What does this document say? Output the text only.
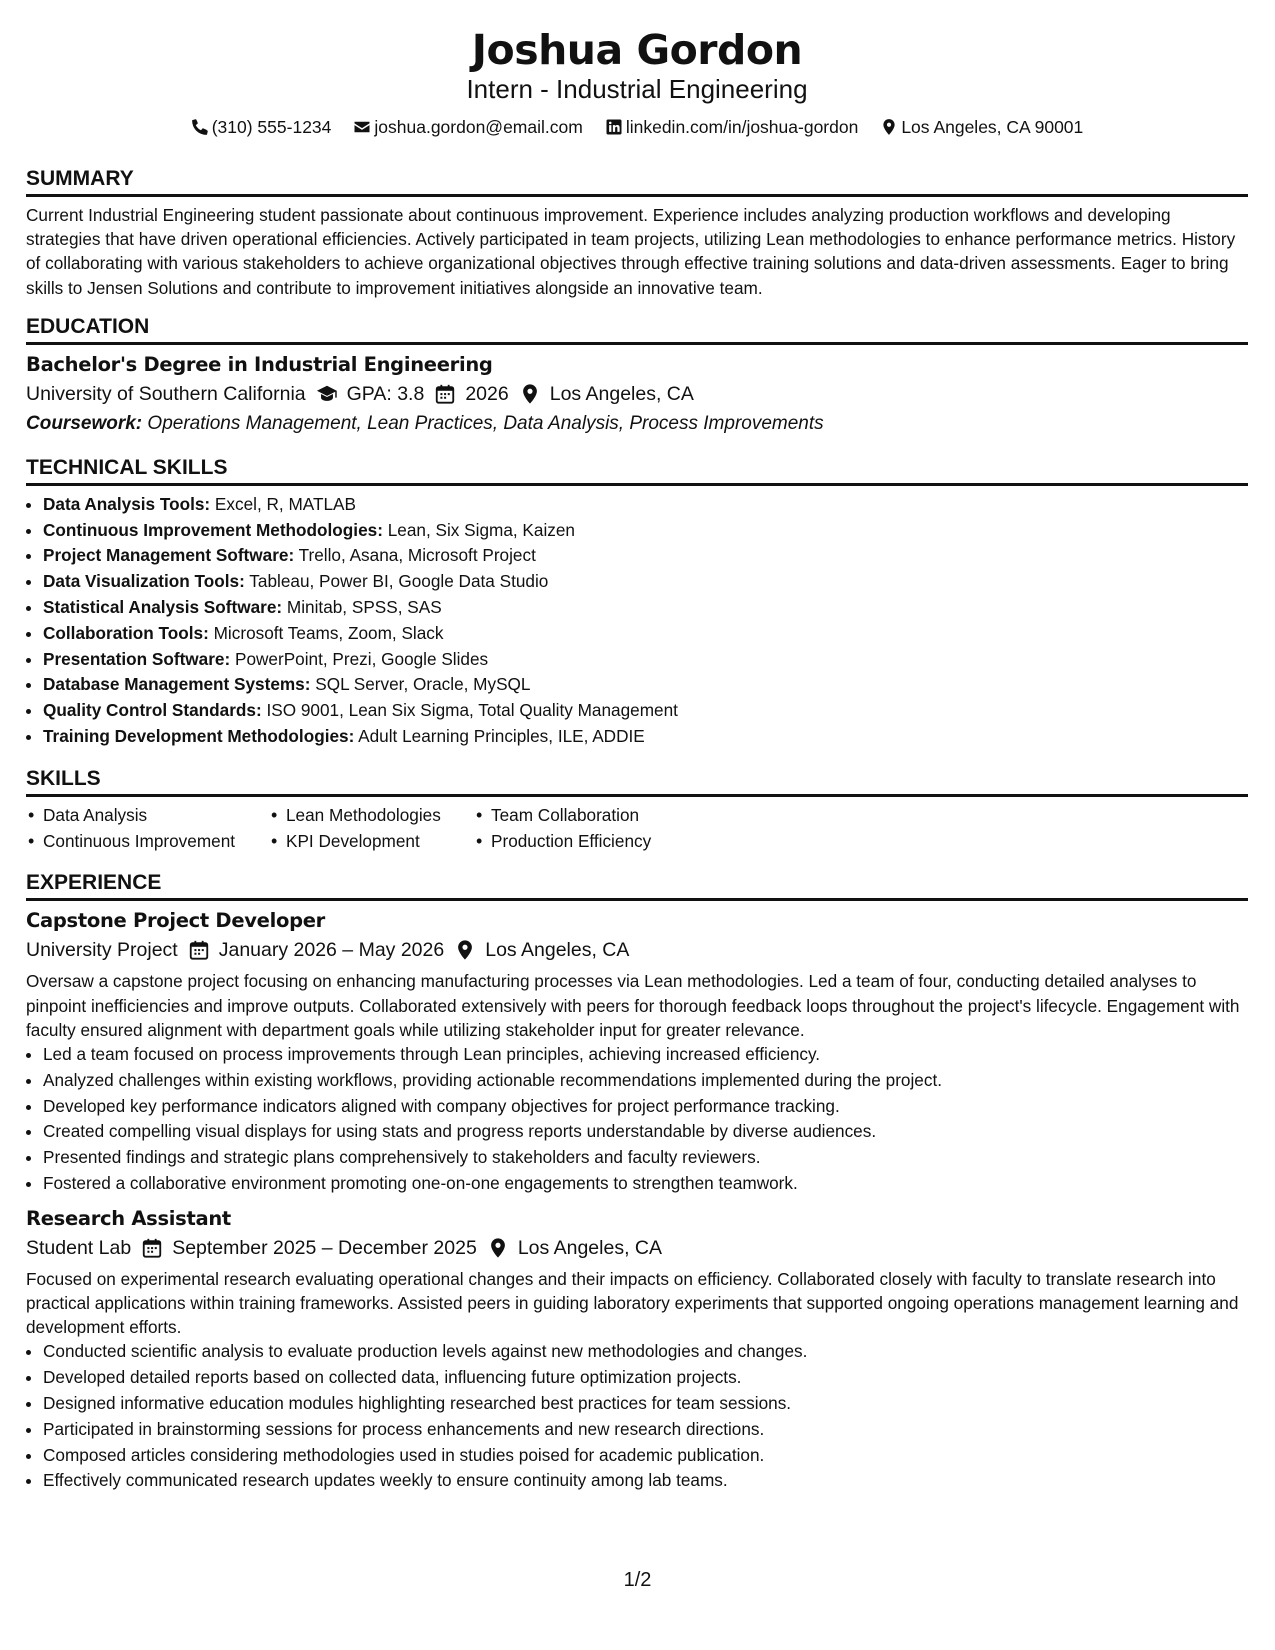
Joshua Gordon
Intern - Industrial Engineering
(310) 555-1234 joshua.gordon@email.com linkedin.com/in/joshua-gordon Los Angeles, CA 90001
SUMMARY

Current Industrial Engineering student passionate about continuous improvement. Experience includes analyzing production workflows and developing strategies that have driven operational efficiencies. Actively participated in team projects, utilizing Lean methodologies to enhance performance metrics. History of collaborating with various stakeholders to achieve organizational objectives through effective training solutions and data-driven assessments. Eager to bring skills to Jensen Solutions and contribute to improvement initiatives alongside an innovative team.

EDUCATION
Bachelor's Degree in Industrial Engineering
University of Southern California GPA: 3.8 2026 Los Angeles, CA
Coursework: Operations Management, Lean Practices, Data Analysis, Process Improvements
TECHNICAL SKILLS
• Data Analysis Tools: Excel, R, MATLAB
• Continuous Improvement Methodologies: Lean, Six Sigma, Kaizen
• Project Management Software: Trello, Asana, Microsoft Project
• Data Visualization Tools: Tableau, Power BI, Google Data Studio
• Statistical Analysis Software: Minitab, SPSS, SAS
• Collaboration Tools: Microsoft Teams, Zoom, Slack
• Presentation Software: PowerPoint, Prezi, Google Slides
• Database Management Systems: SQL Server, Oracle, MySQL
• Quality Control Standards: ISO 9001, Lean Six Sigma, Total Quality Management
• Training Development Methodologies: Adult Learning Principles, ILE, ADDIE
SKILLS
• Data Analysis	• Lean Methodologies	• Team Collaboration
• Continuous Improvement	• KPI Development	• Production Efficiency
EXPERIENCE
Capstone Project Developer
University Project January 2026 – May 2026 Los Angeles, CA

Oversaw a capstone project focusing on enhancing manufacturing processes via Lean methodologies. Led a team of four, conducting detailed analyses to pinpoint inefficiencies and improve outputs. Collaborated extensively with peers for thorough feedback loops throughout the project's lifecycle. Engagement with faculty ensured alignment with department goals while utilizing stakeholder input for greater relevance.

• Led a team focused on process improvements through Lean principles, achieving increased efficiency.
• Analyzed challenges within existing workflows, providing actionable recommendations implemented during the project.
• Developed key performance indicators aligned with company objectives for project performance tracking.
• Created compelling visual displays for using stats and progress reports understandable by diverse audiences.
• Presented findings and strategic plans comprehensively to stakeholders and faculty reviewers.
• Fostered a collaborative environment promoting one-on-one engagements to strengthen teamwork.
Research Assistant
Student Lab September 2025 – December 2025 Los Angeles, CA

Focused on experimental research evaluating operational changes and their impacts on efficiency. Collaborated closely with faculty to translate research into practical applications within training frameworks. Assisted peers in guiding laboratory experiments that supported ongoing operations management learning and development efforts.

• Conducted scientific analysis to evaluate production levels against new methodologies and changes.
• Developed detailed reports based on collected data, influencing future optimization projects.
• Designed informative education modules highlighting researched best practices for team sessions.
• Participated in brainstorming sessions for process enhancements and new research directions.
• Composed articles considering methodologies used in studies poised for academic publication.
• Effectively communicated research updates weekly to ensure continuity among lab teams.
1/2
